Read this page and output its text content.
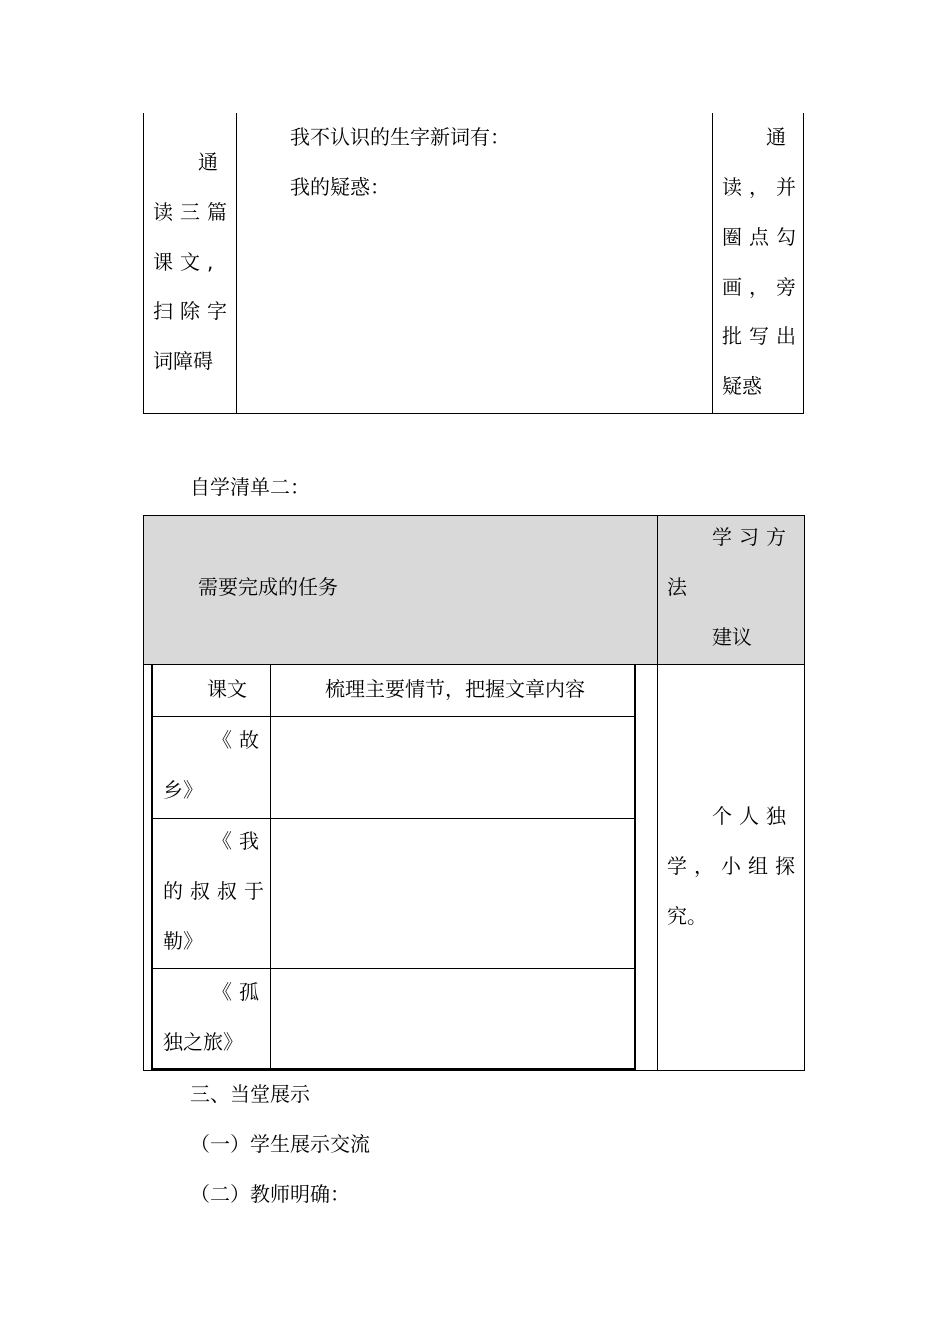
通
读三篇
课文,
扫除字
词障碍
我不认识的生字新词有：
我的疑惑：
通
读，并
圈点勾
画，旁
批写出
疑惑
自学清单二：
需要完成的任务
学习方
法
建议
课文	梳理主要情节，把握文章内容
《故
乡》
《我
的叔叔于
勒》
《孤
独之旅》
个人独
学，小组探
究。
三、当堂展示
（一）学生展示交流
（二）教师明确：
